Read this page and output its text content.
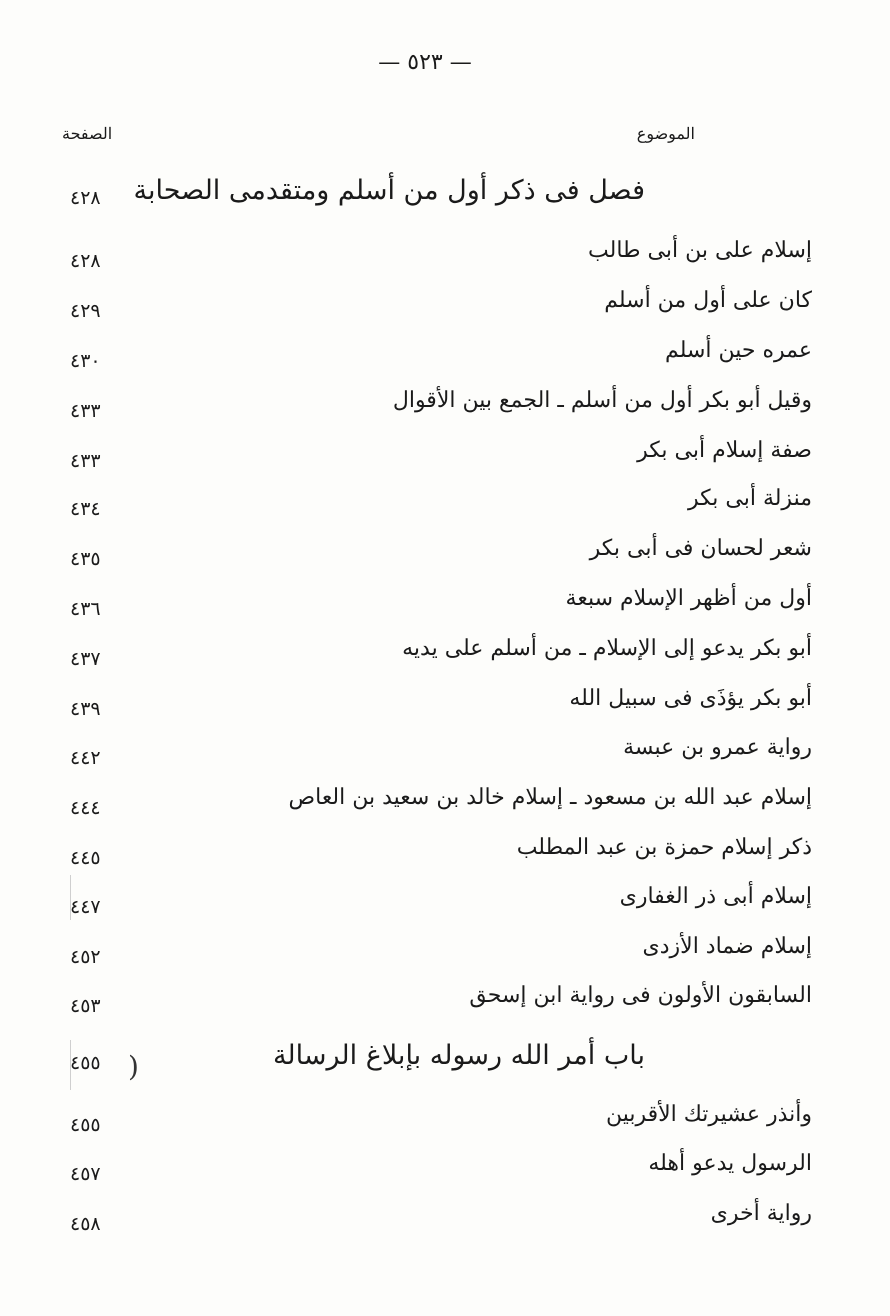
— ٥٢٣ —
الموضوع
الصفحة
)
فصل فى ذكر أول من أسلم ومتقدمى الصحابة
٤٢٨
إسلام على بن أبى طالب
٤٢٨
كان على أول من أسلم
٤٢٩
عمره حين أسلم
٤٣٠
وقيل أبو بكر أول من أسلم ـ الجمع بين الأقوال
٤٣٣
صفة إسلام أبى بكر
٤٣٣
منزلة أبى بكر
٤٣٤
شعر لحسان فى أبى بكر
٤٣٥
أول من أظهر الإسلام سبعة
٤٣٦
أبو بكر يدعو إلى الإسلام ـ من أسلم على يديه
٤٣٧
أبو بكر يؤذَى فى سبيل الله
٤٣٩
رواية عمرو بن عبسة
٤٤٢
إسلام عبد الله بن مسعود ـ إسلام خالد بن سعيد بن العاص
٤٤٤
ذكر إسلام حمزة بن عبد المطلب
٤٤٥
إسلام أبى ذر الغفارى
٤٤٧
إسلام ضماد الأزدى
٤٥٢
السابقون الأولون فى رواية ابن إسحق
٤٥٣
باب أمر الله رسوله بإبلاغ الرسالة
٤٥٥
وأنذر عشيرتك الأقربين
٤٥٥
الرسول يدعو أهله
٤٥٧
رواية أخرى
٤٥٨
